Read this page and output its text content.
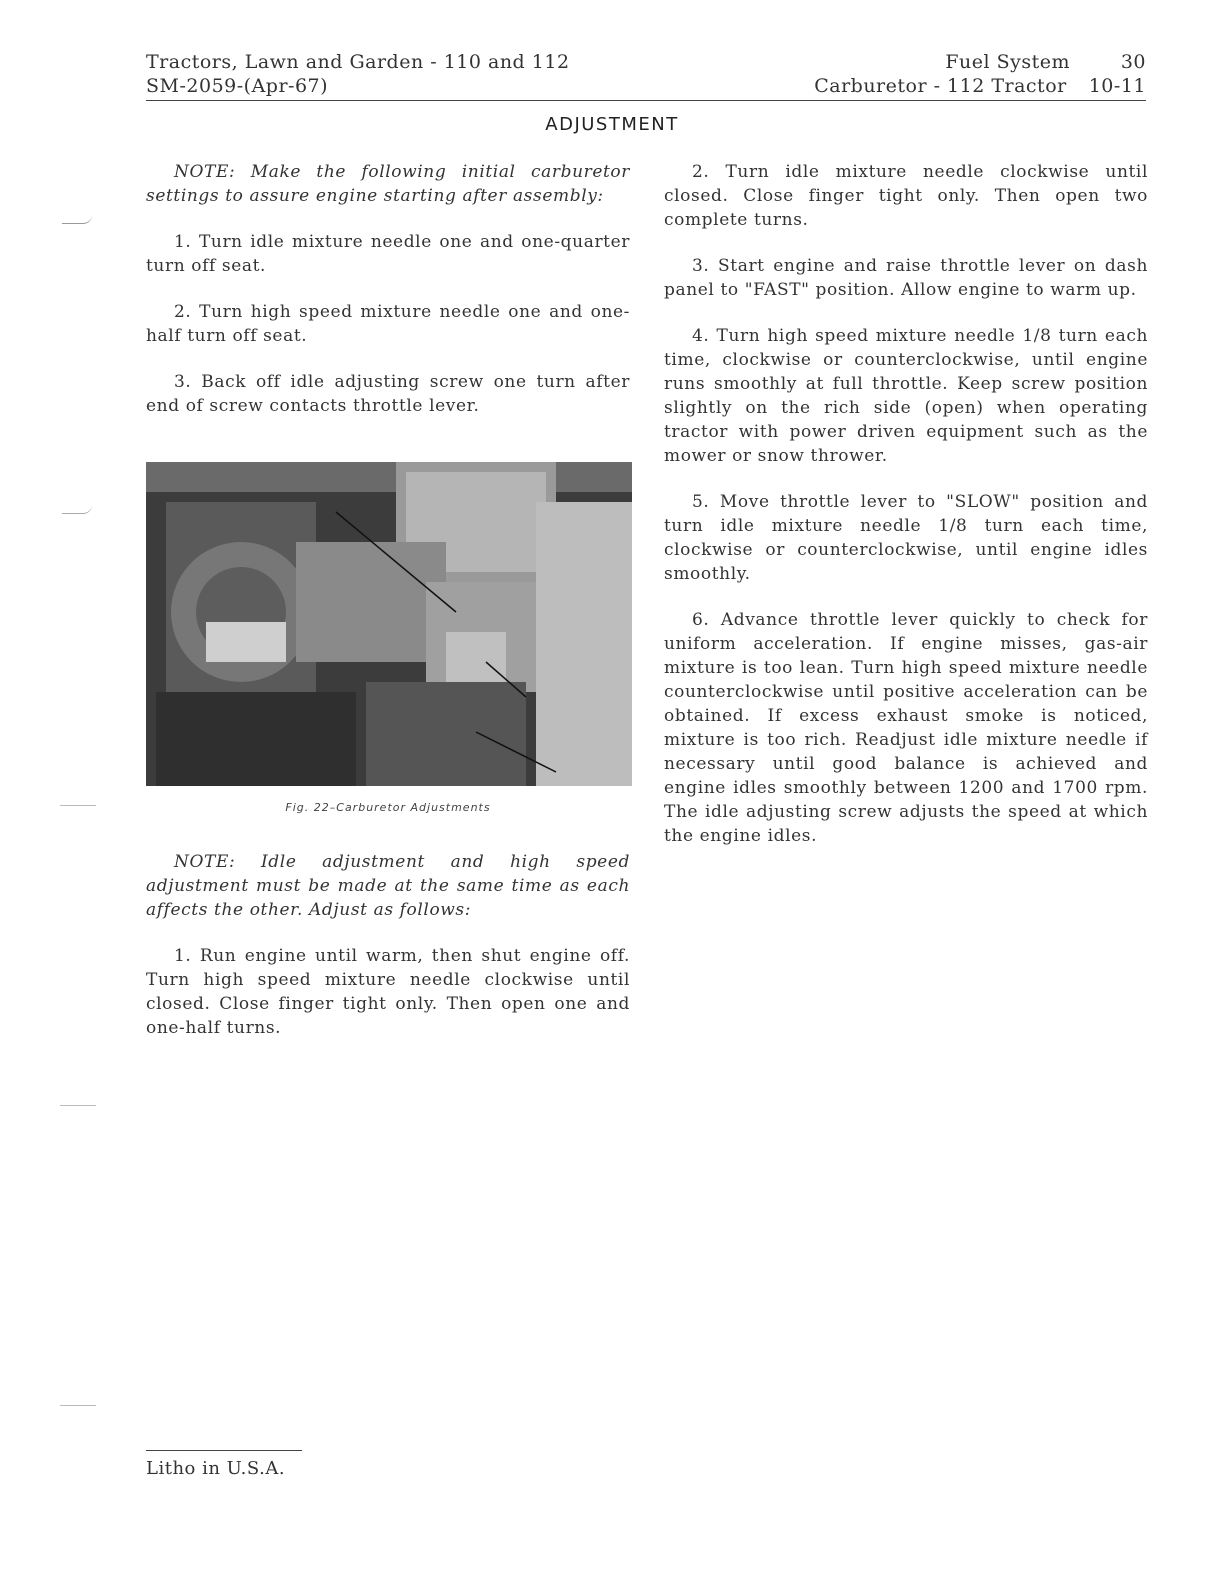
Tractors, Lawn and Garden - 110 and 112
SM-2059-(Apr-67)
Fuel System	30
Carburetor - 112 Tractor 10-11
ADJUSTMENT

NOTE: Make the following initial carburetor settings to assure engine starting after assembly:

1. Turn idle mixture needle one and one-quarter turn off seat.

2. Turn high speed mixture needle one and one-half turn off seat.

3. Back off idle adjusting screw one turn after end of screw contacts throttle lever.

Fig. 22–Carburetor Adjustments

NOTE: Idle adjustment and high speed adjustment must be made at the same time as each affects the other. Adjust as follows:

1. Run engine until warm, then shut engine off. Turn high speed mixture needle clockwise until closed. Close finger tight only. Then open one and one-half turns.

2. Turn idle mixture needle clockwise until closed. Close finger tight only. Then open two complete turns.

3. Start engine and raise throttle lever on dash panel to "FAST" position. Allow engine to warm up.

4. Turn high speed mixture needle 1/8 turn each time, clockwise or counterclockwise, until engine runs smoothly at full throttle. Keep screw position slightly on the rich side (open) when operating tractor with power driven equipment such as the mower or snow thrower.

5. Move throttle lever to "SLOW" position and turn idle mixture needle 1/8 turn each time, clockwise or counterclockwise, until engine idles smoothly.

6. Advance throttle lever quickly to check for uniform acceleration. If engine misses, gas-air mixture is too lean. Turn high speed mixture needle counterclockwise until positive acceleration can be obtained. If excess exhaust smoke is noticed, mixture is too rich. Readjust idle mixture needle if necessary until good balance is achieved and engine idles smoothly between 1200 and 1700 rpm. The idle adjusting screw adjusts the speed at which the engine idles.

Litho in U.S.A.
